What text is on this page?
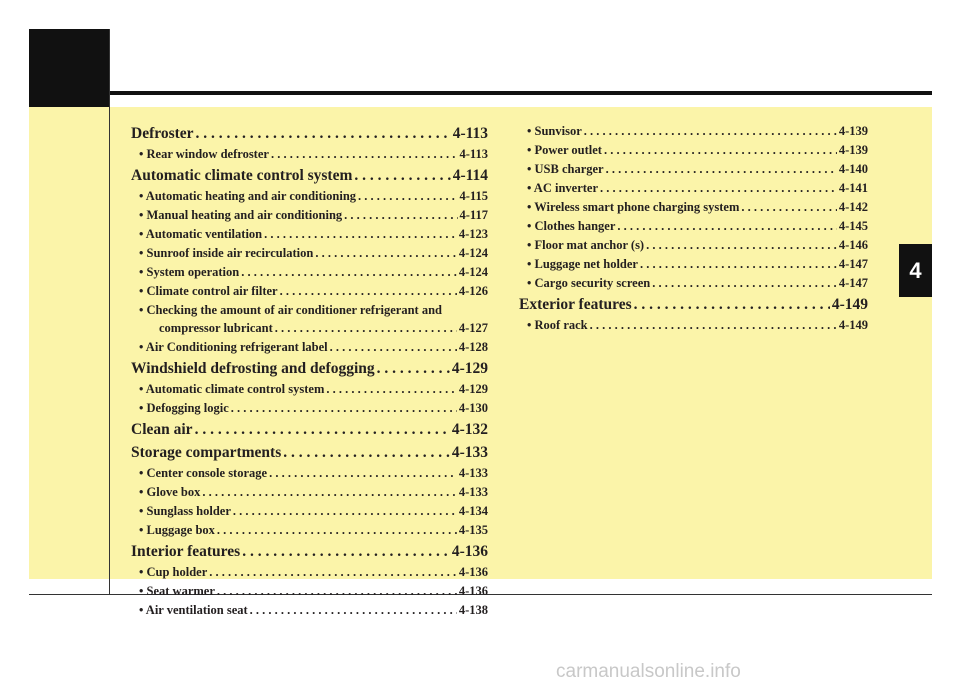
4
Defroster . . .	4-113
• Rear window defroster . . .	4-113
Automatic climate control system . . .	4-114
• Automatic heating and air conditioning . . .	4-115
• Manual heating and air conditioning . . .	4-117
• Automatic ventilation . . .	4-123
• Sunroof inside air recirculation . . .	4-124
• System operation . . .	4-124
• Climate control air filter . . .	4-126
• Checking the amount of air conditioner refrigerant and
compressor lubricant . . .	4-127
• Air Conditioning refrigerant label . . .	4-128
Windshield defrosting and defogging . . .	4-129
• Automatic climate control system . . .	4-129
• Defogging logic . . .	4-130
Clean air . . .	4-132
Storage compartments . . .	4-133
• Center console storage . . .	4-133
• Glove box . . .	4-133
• Sunglass holder . . .	4-134
• Luggage box . . .	4-135
Interior features . . .	4-136
• Cup holder . . .	4-136
• Seat warmer . . .	4-136
• Air ventilation seat . . .	4-138
• Sunvisor . . .	4-139
• Power outlet . . .	4-139
• USB charger . . .	4-140
• AC inverter . . .	4-141
• Wireless smart phone charging system . . .	4-142
• Clothes hanger . . .	4-145
• Floor mat anchor (s) . . .	4-146
• Luggage net holder . . .	4-147
• Cargo security screen . . .	4-147
Exterior features . . .	4-149
• Roof rack . . .	4-149
carmanualsonline.info
